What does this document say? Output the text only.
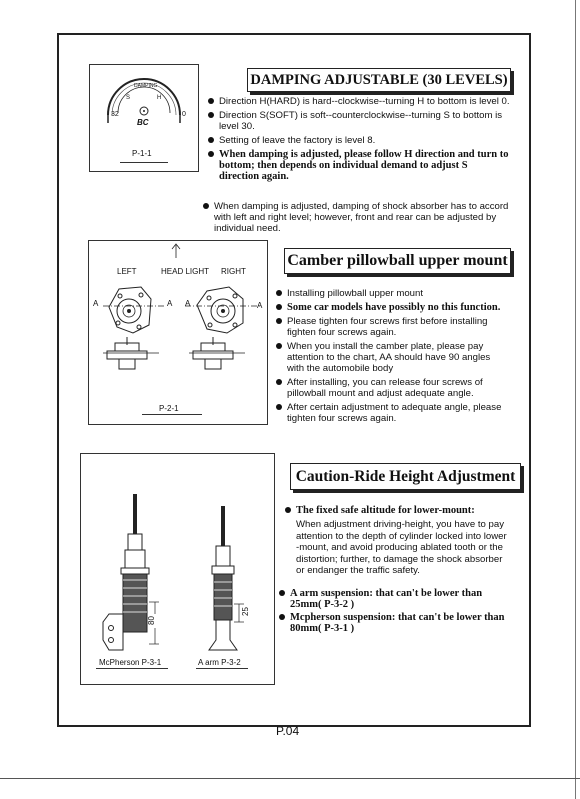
DAMPING
H
S
32	0
BC
P-1-1
DAMPING ADJUSTABLE (30 LEVELS)
Direction H(HARD) is hard--clockwise--turning H to bottom is level 0.
Direction S(SOFT) is soft--counterclockwise--turning S to bottom is level 30.
Setting of leave the factory is level 8.
When damping is adjusted, please follow H direction and turn to bottom; then depends on individual demand to adjust S direction again.
When damping is adjusted, damping of shock absorber has to accord with left and right level; however, front and rear can be adjusted by individual need.
LEFT	HEAD LIGHT RIGHT
A	A A	A
P-2-1
Camber pillowball upper mount
Installing pillowball upper mount
Some car models have possibly no this function.
Please tighten four screws first before installing fighten four screws again.
When you install the camber plate, please pay attention to the chart, AA should have 90 angles with the automobile body
After installing, you can release four screws of pillowball mount and adjust adequate angle.
After certain adjustment to adequate angle, please tighten four screws again.
80
25
McPherson P-3-1	A arm P-3-2
Caution-Ride Height Adjustment
The fixed safe altitude for lower-mount:
When adjustment driving-height, you have to pay attention to the depth of cylinder locked into lower -mount, and avoid producing ablated tooth or the distortion; further, to damage the shock absorber or endanger the traffic safety.
A arm suspension: that can't be lower than 25mm( P-3-2 )
Mcpherson suspension: that can't be lower than 80mm( P-3-1 )
P.04
